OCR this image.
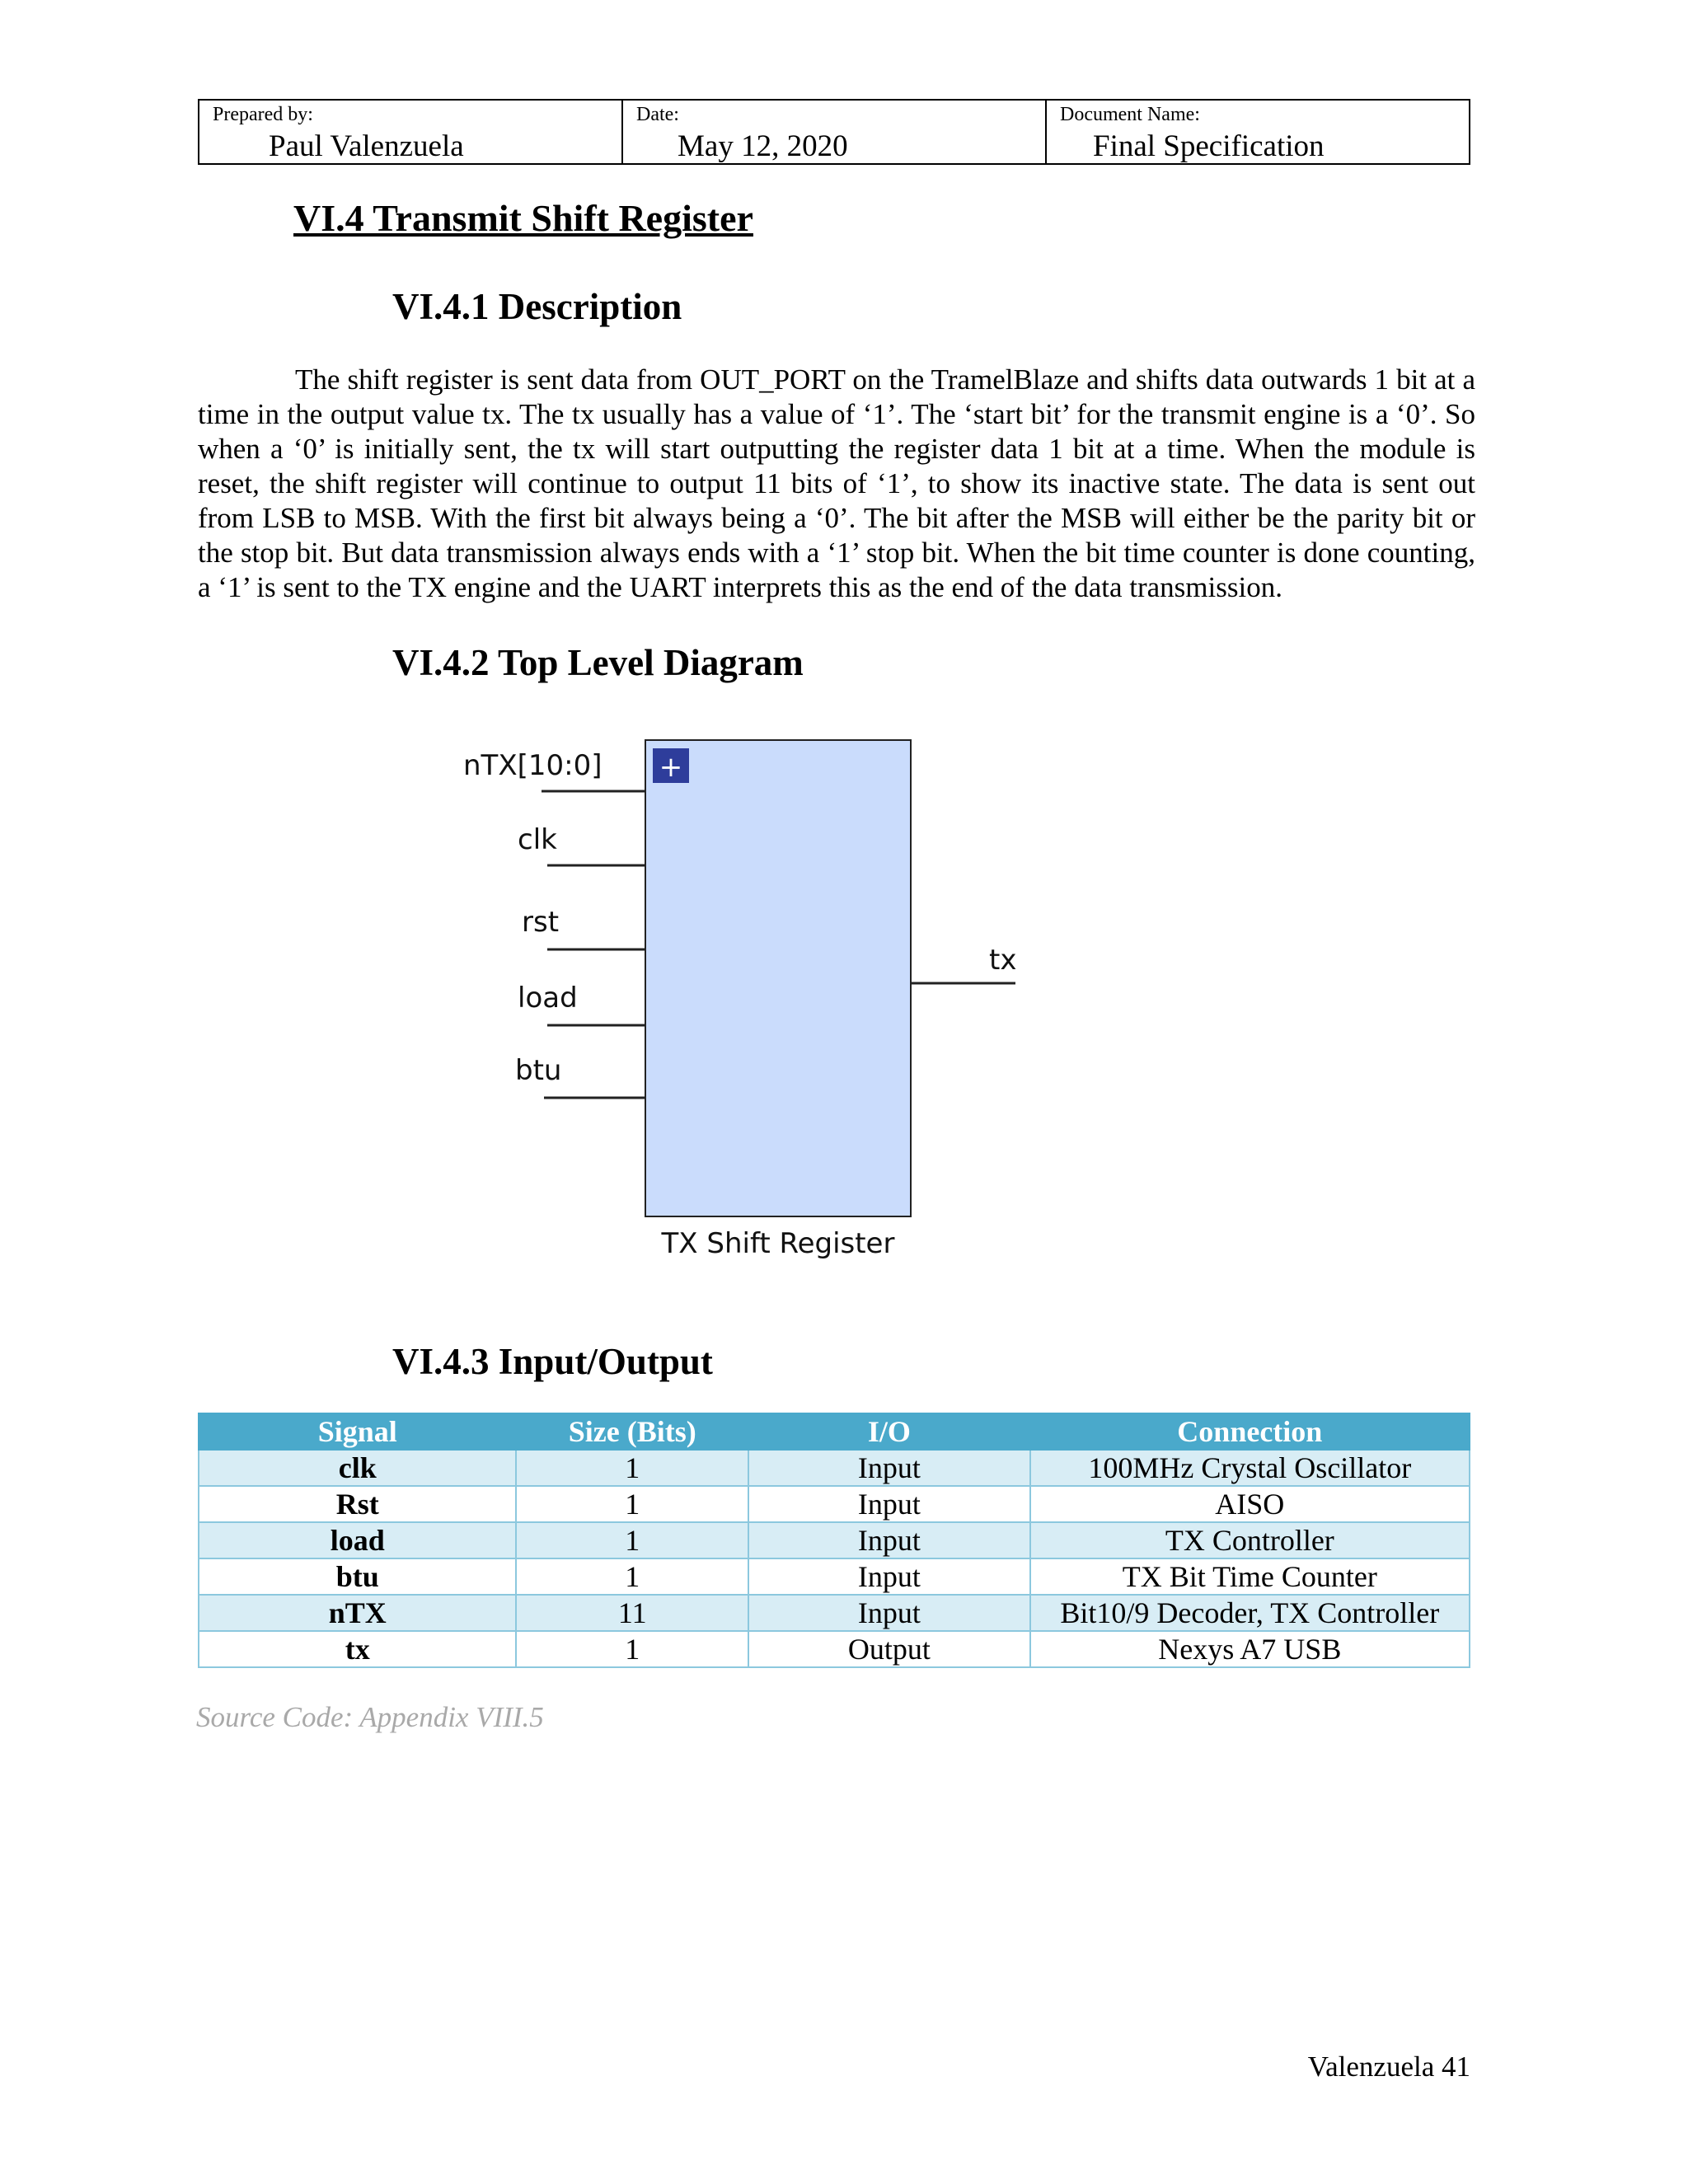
Prepared by:
Paul Valenzuela
Date:
May 12, 2020
Document Name:
Final Specification
VI.4 Transmit Shift Register
VI.4.1 Description

The shift register is sent data from OUT_PORT on the TramelBlaze and shifts data outwards 1 bit at a time in the output value tx. The tx usually has a value of ‘1’. The ‘start bit’ for the transmit engine is a ‘0’. So when a ‘0’ is initially sent, the tx will start outputting the register data 1 bit at a time. When the module is reset, the shift register will continue to output 11 bits of ‘1’, to show its inactive state. The data is sent out from LSB to MSB. With the first bit always being a ‘0’. The bit after the MSB will either be the parity bit or the stop bit. But data transmission always ends with a ‘1’ stop bit. When the bit time counter is done counting, a ‘1’ is sent to the TX engine and the UART interprets this as the end of the data transmission.

VI.4.2 Top Level Diagram
+
nTX[10:0]
clk
rst
load
btu
tx
TX Shift Register
VI.4.3 Input/Output
Signal	Size (Bits)	I/O	Connection
clk	1	Input	100MHz Crystal Oscillator
Rst	1	Input	AISO
load	1	Input	TX Controller
btu	1	Input	TX Bit Time Counter
nTX	11	Input	Bit10/9 Decoder, TX Controller
tx	1	Output	Nexys A7 USB
Source Code: Appendix VIII.5
Valenzuela 41
